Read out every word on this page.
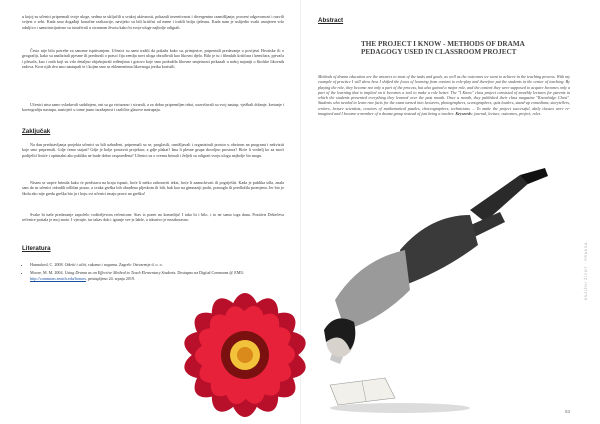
u kojoj su učenici pripremali svoje uloge, sedma se uključili u svakoj aktivnosti, pokazali inventivnost i divergentno razmišljanje, proceni odgovornost i razvili svijest o sebi. Kada smo događaji konačne realizacije, navijeko su bili kritični od mene i tražili bolju tjelesnu. Kada nam je uslijedio svaki usmjeren vrlo oduljivo i samoinicijativno su istraživali u stvarnom životu kako bi svoje uloge najbolje odigrali.

Često nije bilo potrebe za sanome ispitivanjem. Učenici su sami tražili da pokažu kako su, primjerice, pripremili predavanje o povijesti Hrvatske ili o geografiji, kako su analizirali pjesme ili predavali o prasci čija zemlja novi uloga obrađivali kao likovni djelo. Bilo je tu i filmskih kritičara i kemičara, pjevača i plesača, kao i onih koji su vrlo detaljno objašnjavali rođenjima i gotovo koje smo podražila likovne umjetnosti prikazali u našoj najaniji o školske likovnih radova. Kroz njih dva smo nastupali te i kojim smo se eklementima likovnoga jezika koristili.

Učenici nisu samo svladavali sadržajem, oni su ga virtuozno i stvarali, a za dobro pripremljen tekst, usavršavali su svoj nastup, vježbali držanje, kretanje i koreografiju nastupa, nastojeći u tome jasno izražajnost i različite glasove nastupaju.

Zaključak

Na dan predstavljanja projekta učenici su bili uzbuđeni, pripremali su se, proglasili, oznižljavali i organizirali prostor u obzirom na programi i nekviziti koje smo pripremili. Gdje ćemo stajati? Gdje je bolje postaviti projektor, a gdje plakat? Ima li plesne grupa dovoljno prostora? Hoće li vodielj ko za moći podijeliti listiće i optimalni ako publika ne bude dobro raspoređena? Učenici su o svemu brinuli i željeli su odigrati svoju ulogu najbolje što mogu.

Nisam se uopće brinula kako će predstava na kraju ispasti, hoće li netko zaboraviti tekst, hoće li zamuckivati ili pogriješiti. Kada je publika ušla, znala sam da su učenici odradili odličan posao, a svaka greška bih obrađena pljeskom ili bih, bak kao na gimnaziji probi, pomogla ili predložila promjenu. Jer bio je škola ako nije greda greška bio ju i koju svi učenici imaju pravo na grešku!

Svake bi naše predavanje započelo voditeljevom rečenicom: Stav is ponet na komediju! I tako bi i bilo, i to ne samo toga dana. Pozitivn Drštečeva rečenice postala je moj moto. I vjerujte, tar takav duh i igranje sve je lakše, a iskustvo je nezaboravno.

Literatura
• Hannaford, C. 2008. Otkriti i učiti, rukama i nogama. Zagreb: Ostvarenje d. o. o.
• Moore, M. M. 2004. Using Drama as an Effective Method to Teach Elementary Students. Dostupno na Digital Commons @ EMU: http://commons.emich.edu/honors, pristupljeno 24. srpnja 2019.
Abstract
THE PROJECT I KNOW - METHODS OF DRAMA PEDAGOGY USED IN CLASSROOM PROJECT

Methods of drama education are the answers to most of the tasks and goals, as well as the outcomes we want to achieve in the teaching process. With my example of practice I will show how I shifted the focus of learning from content to role-play and therefore put the students in the center of teaching. By playing the role, they became not only a part of the process, but also gained a major role, and the content they were supposed to acquire becomes only a part of the learning that is implied on it becomes a tool to make a role better. The "I Know" class project consisted of monthly lectures for parents in which the students presented everything they learned over the past month. Once a month, they published their class magazine "Knowledge Chest". Students who needed to learn raw facts for the exam turned into lecturers, photographers, scenographers, quiz leaders, stand-up comedians, storytellers, writers, lecture scientists, creators of mathematical puzzles, choreographers, technicians ... To make the project successful, daily classes were re-imagined and I became a member of a drama group instead of just being a teacher. Keywords: journal, lecture, outcomes, project, roles

KNJIŽNI ŽIVOT · PRAKSA

83
